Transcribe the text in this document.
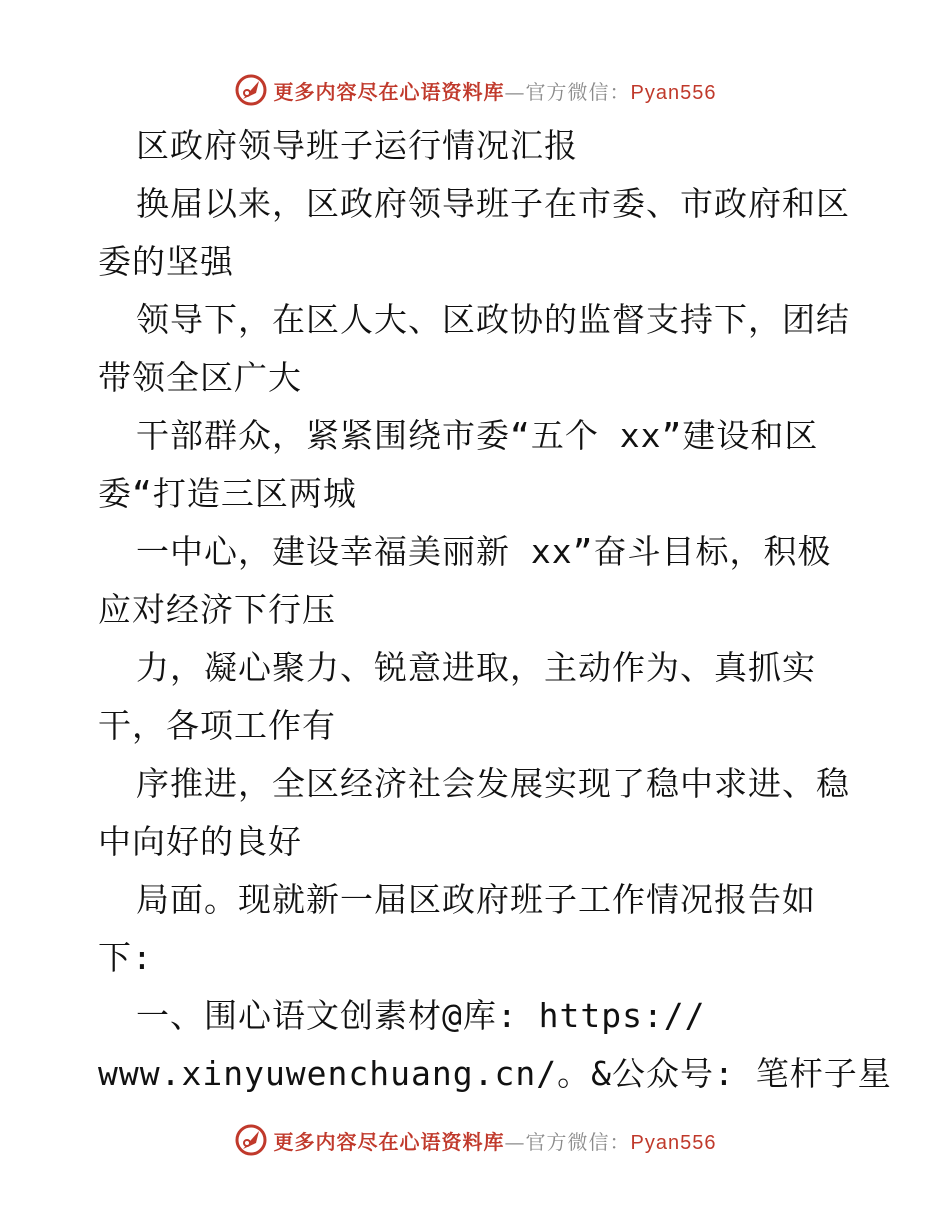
更多内容尽在心语资料库—官方微信：Pyan556
区政府领导班子运行情况汇报
换届以来，区政府领导班子在市委、市政府和区
委的坚强
领导下，在区人大、区政协的监督支持下，团结
带领全区广大
干部群众，紧紧围绕市委“五个 xx”建设和区
委“打造三区两城
一中心，建设幸福美丽新 xx”奋斗目标，积极
应对经济下行压
力，凝心聚力、锐意进取，主动作为、真抓实
干，各项工作有
序推进，全区经济社会发展实现了稳中求进、稳
中向好的良好
局面。现就新一届区政府班子工作情况报告如
下:
一、围心语文创素材@库: https://
www.xinyuwenchuang.cn/。&公众号: 笔杆子星
更多内容尽在心语资料库—官方微信：Pyan556
